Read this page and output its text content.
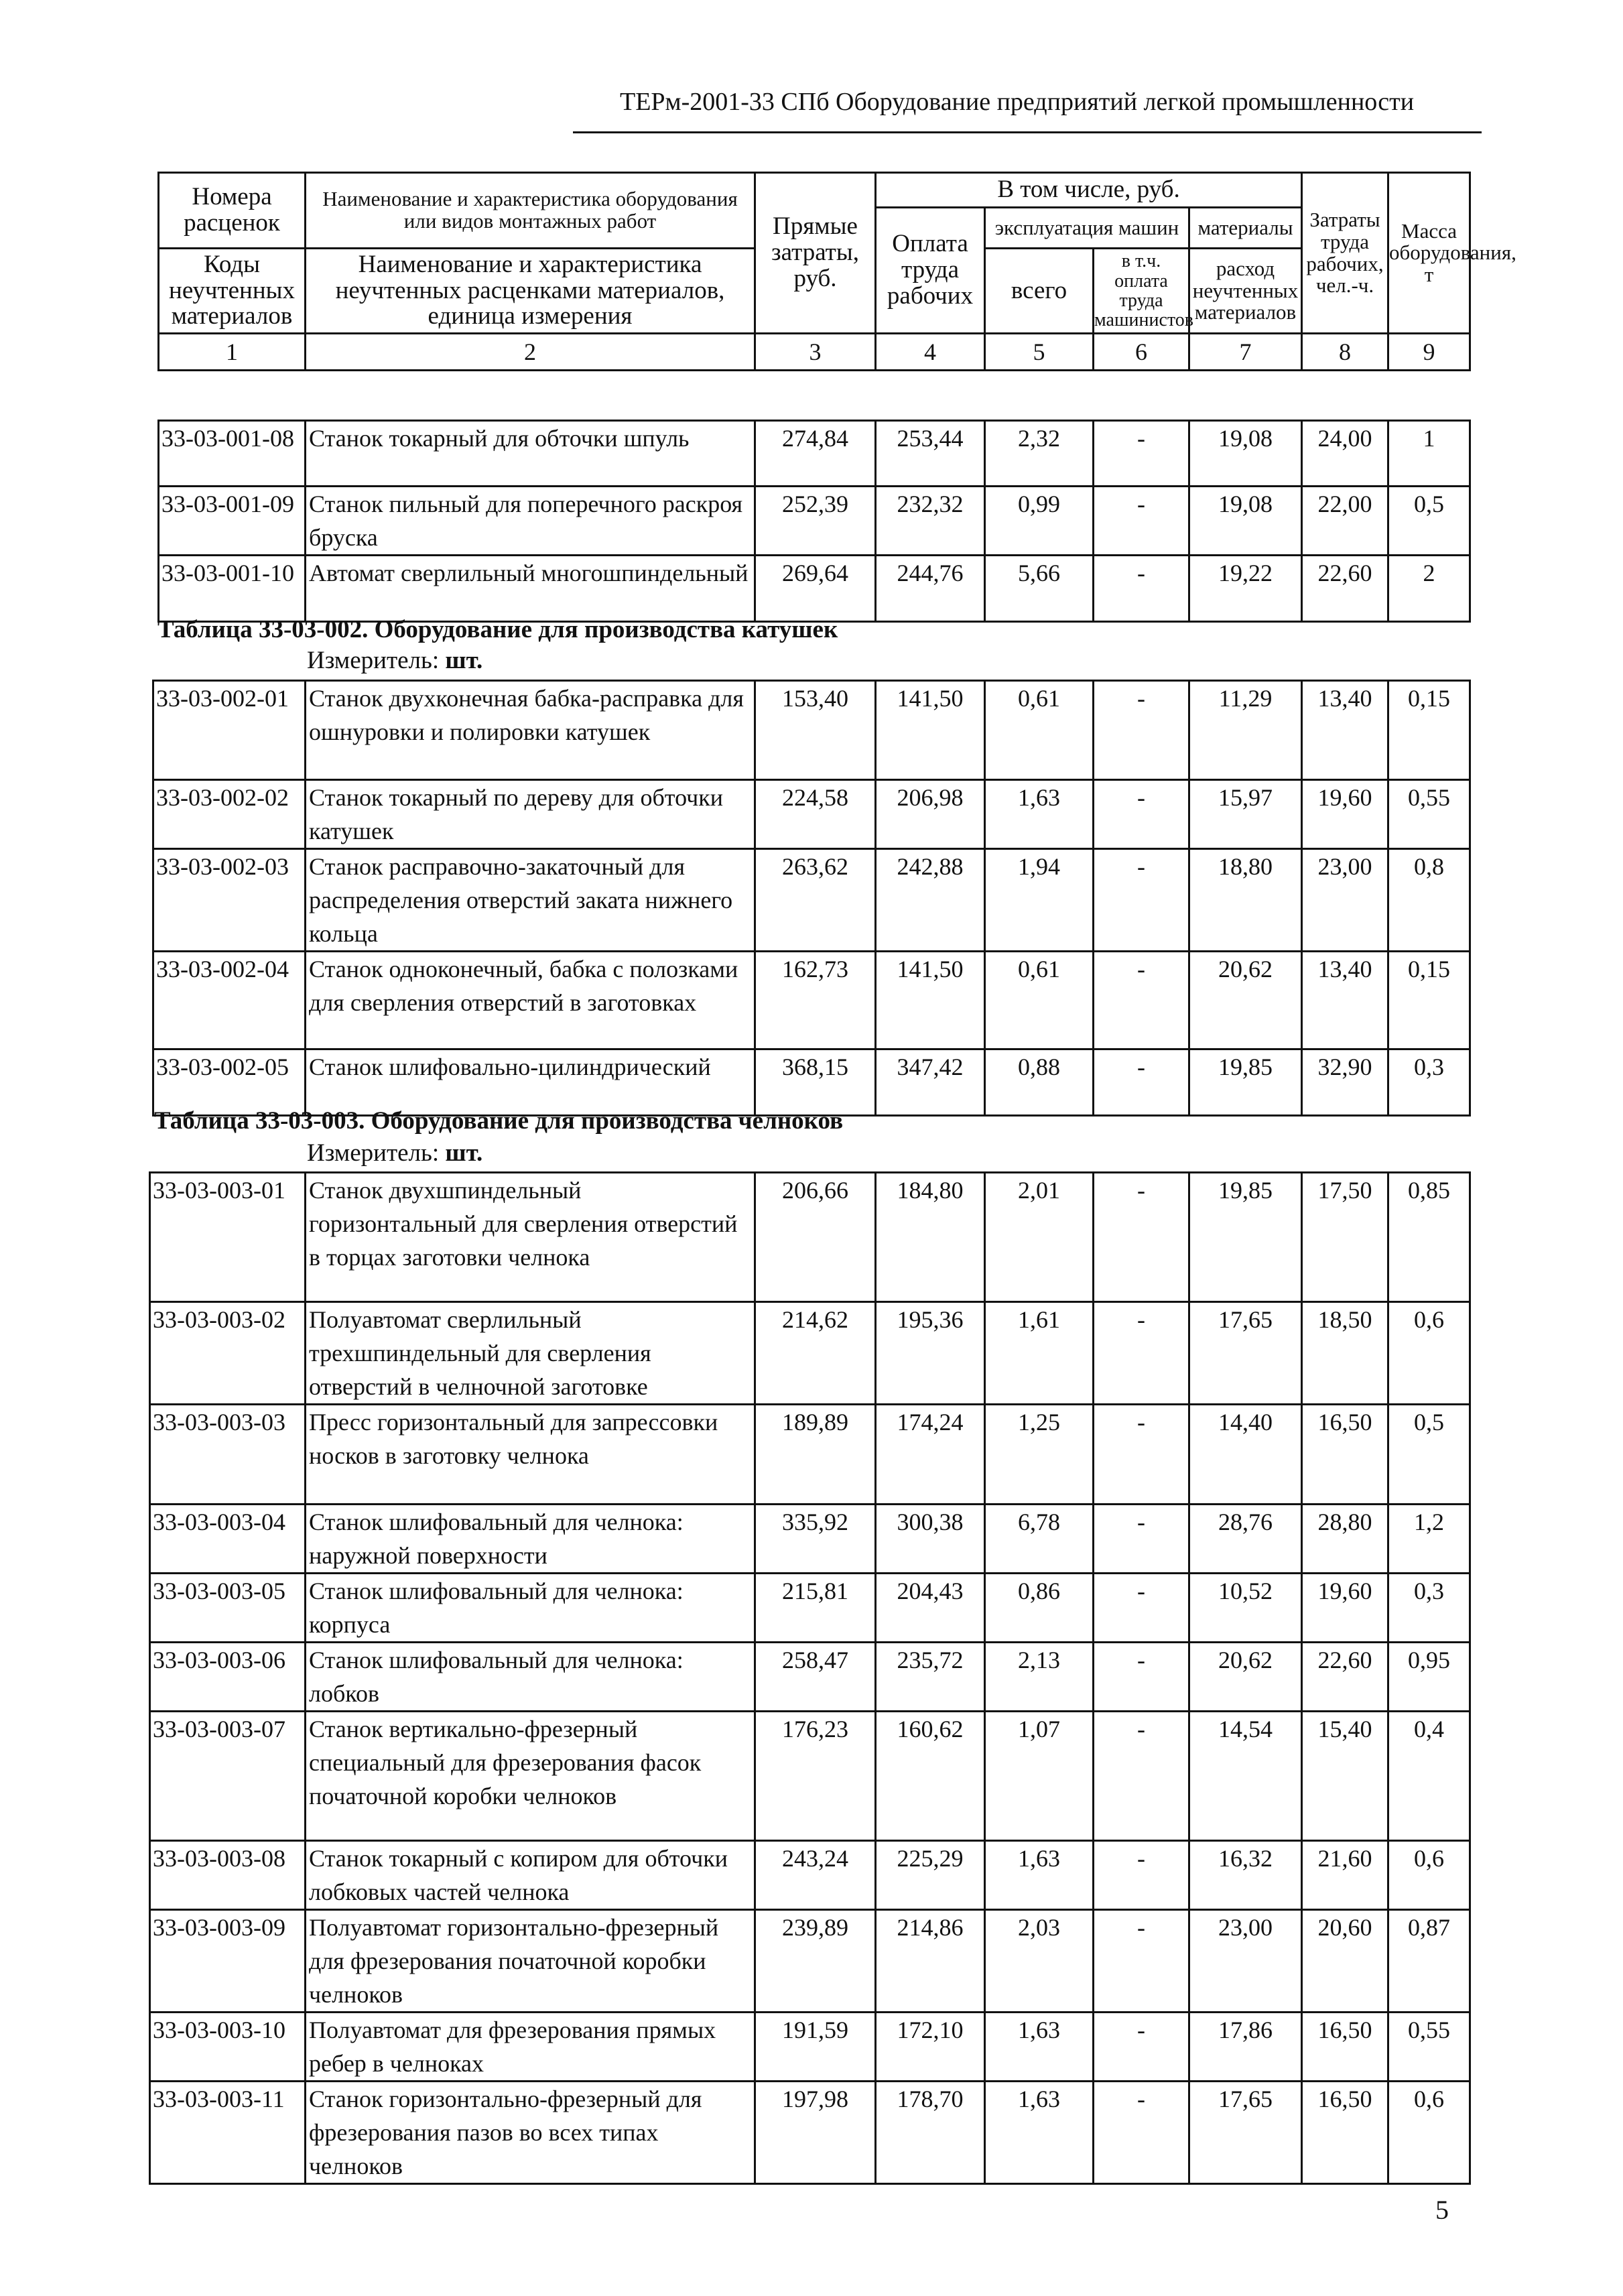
ТЕРм-2001-33 СПб Оборудование предприятий легкой промышленности
Номера расценок	Наименование и характеристика оборудования или видов монтажных работ	Прямые затраты, руб.	В том числе, руб.				Затраты труда рабочих, чел.-ч.	Масса оборудования, т
			Оплата труда рабочих	эксплуатация машин		материалы		
Коды неучтенных материалов	Наименование и характеристика неучтенных расценками материалов, единица измерения			всего	в т.ч. оплата труда машинистов	расход неучтенных материалов		

1	2	3	4	5	6	7	8	9
33-03-001-08	Станок токарный для обточки шпуль	274,84	253,44	2,32	-	19,08	24,00	1
33-03-001-09	Станок пильный для поперечного раскроя бруска	252,39	232,32	0,99	-	19,08	22,00	0,5
33-03-001-10	Автомат сверлильный многошпиндельный	269,64	244,76	5,66	-	19,22	22,60	2
Таблица 33-03-002. Оборудование для производства катушек
Измеритель: шт.
33-03-002-01	Станок двухконечная бабка-расправка для ошнуровки и полировки катушек	153,40	141,50	0,61	-	11,29	13,40	0,15
33-03-002-02	Станок токарный по дереву для обточки катушек	224,58	206,98	1,63	-	15,97	19,60	0,55
33-03-002-03	Станок расправочно-закаточный для распределения отверстий заката нижнего кольца	263,62	242,88	1,94	-	18,80	23,00	0,8
33-03-002-04	Станок одноконечный, бабка с полозками для сверления отверстий в заготовках	162,73	141,50	0,61	-	20,62	13,40	0,15
33-03-002-05	Станок шлифовально-цилиндрический	368,15	347,42	0,88	-	19,85	32,90	0,3
Таблица 33-03-003. Оборудование для производства челноков
Измеритель: шт.
33-03-003-01	Станок двухшпиндельный горизонтальный для сверления отверстий в торцах заготовки челнока	206,66	184,80	2,01	-	19,85	17,50	0,85
33-03-003-02	Полуавтомат сверлильный трехшпиндельный для сверления отверстий в челночной заготовке	214,62	195,36	1,61	-	17,65	18,50	0,6
33-03-003-03	Пресс горизонтальный для запрессовки носков в заготовку челнока	189,89	174,24	1,25	-	14,40	16,50	0,5
33-03-003-04	Станок шлифовальный для челнока: наружной поверхности	335,92	300,38	6,78	-	28,76	28,80	1,2
33-03-003-05	Станок шлифовальный для челнока: корпуса	215,81	204,43	0,86	-	10,52	19,60	0,3
33-03-003-06	Станок шлифовальный для челнока: лобков	258,47	235,72	2,13	-	20,62	22,60	0,95
33-03-003-07	Станок вертикально-фрезерный специальный для фрезерования фасок початочной коробки челноков	176,23	160,62	1,07	-	14,54	15,40	0,4
33-03-003-08	Станок токарный с копиром для обточки лобковых частей челнока	243,24	225,29	1,63	-	16,32	21,60	0,6
33-03-003-09	Полуавтомат горизонтально-фрезерный для фрезерования початочной коробки челноков	239,89	214,86	2,03	-	23,00	20,60	0,87
33-03-003-10	Полуавтомат для фрезерования прямых ребер в челноках	191,59	172,10	1,63	-	17,86	16,50	0,55
33-03-003-11	Станок горизонтально-фрезерный для фрезерования пазов во всех типах челноков	197,98	178,70	1,63	-	17,65	16,50	0,6
5
